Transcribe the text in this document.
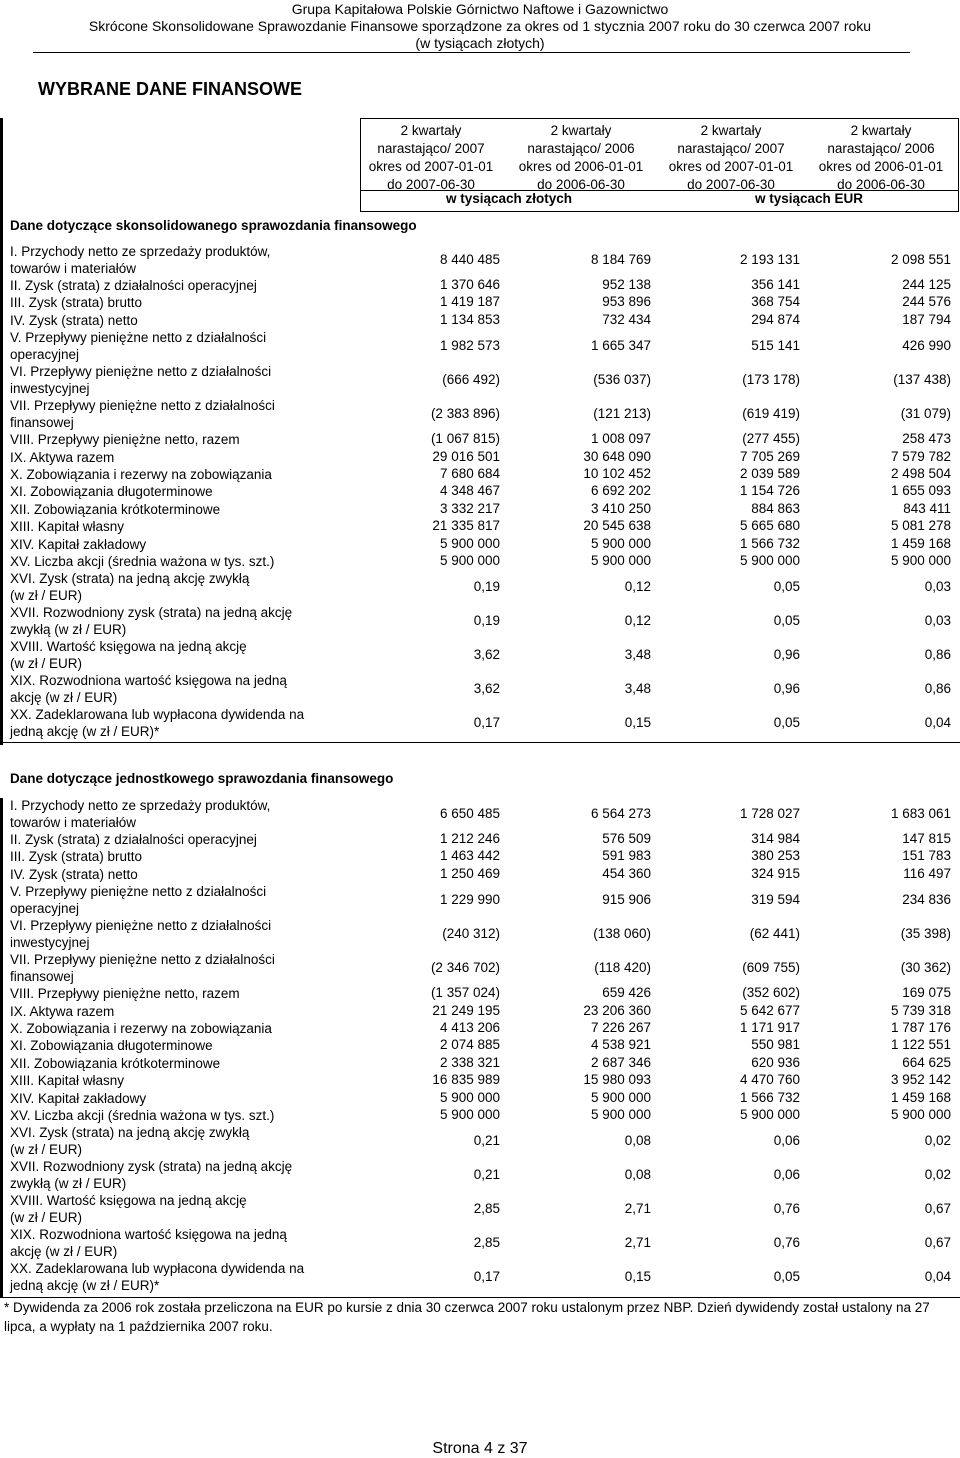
Grupa Kapitałowa Polskie Górnictwo Naftowe i Gazownictwo
Skrócone Skonsolidowane Sprawozdanie Finansowe sporządzone za okres od 1 stycznia 2007 roku do 30 czerwca 2007 roku
(w tysiącach złotych)
WYBRANE DANE FINANSOWE
2 kwartały
narastająco/ 2007
okres od 2007-01-01
do 2007-06-30
2 kwartały
narastająco/ 2006
okres od 2006-01-01
do 2006-06-30
2 kwartały
narastająco/ 2007
okres od 2007-01-01
do 2007-06-30
2 kwartały
narastająco/ 2006
okres od 2006-01-01
do 2006-06-30
w tysiącach złotych	w tysiącach EUR
Dane dotyczące skonsolidowanego sprawozdania finansowego
I. Przychody netto ze sprzedaży produktów,
towarów i materiałów
8 440 485	8 184 769	2 193 131	2 098 551
II. Zysk (strata) z działalności operacyjnej	1 370 646	952 138	356 141	244 125
III. Zysk (strata) brutto	1 419 187	953 896	368 754	244 576
IV. Zysk (strata) netto	1 134 853	732 434	294 874	187 794
V. Przepływy pieniężne netto z działalności
operacyjnej
1 982 573	1 665 347	515 141	426 990
VI. Przepływy pieniężne netto z działalności
inwestycyjnej
(666 492)	(536 037)	(173 178)	(137 438)
VII. Przepływy pieniężne netto z działalności
finansowej
(2 383 896)	(121 213)	(619 419)	(31 079)
VIII. Przepływy pieniężne netto, razem	(1 067 815)	1 008 097	(277 455)	258 473
IX. Aktywa razem	29 016 501	30 648 090	7 705 269	7 579 782
X. Zobowiązania i rezerwy na zobowiązania	7 680 684	10 102 452	2 039 589	2 498 504
XI. Zobowiązania długoterminowe	4 348 467	6 692 202	1 154 726	1 655 093
XII. Zobowiązania krótkoterminowe	3 332 217	3 410 250	884 863	843 411
XIII. Kapitał własny	21 335 817	20 545 638	5 665 680	5 081 278
XIV. Kapitał zakładowy	5 900 000	5 900 000	1 566 732	1 459 168
XV. Liczba akcji (średnia ważona w tys. szt.)	5 900 000	5 900 000	5 900 000	5 900 000
XVI. Zysk (strata) na jedną akcję zwykłą
(w zł / EUR)
0,19	0,12	0,05	0,03
XVII. Rozwodniony zysk (strata) na jedną akcję
zwykłą (w zł / EUR)
0,19	0,12	0,05	0,03
XVIII. Wartość księgowa na jedną akcję
(w zł / EUR)
3,62	3,48	0,96	0,86
XIX. Rozwodniona wartość księgowa na jedną
akcję (w zł / EUR)
3,62	3,48	0,96	0,86
XX. Zadeklarowana lub wypłacona dywidenda na
jedną akcję (w zł / EUR)*
0,17	0,15	0,05	0,04
Dane dotyczące jednostkowego sprawozdania finansowego
I. Przychody netto ze sprzedaży produktów,
towarów i materiałów
6 650 485	6 564 273	1 728 027	1 683 061
II. Zysk (strata) z działalności operacyjnej	1 212 246	576 509	314 984	147 815
III. Zysk (strata) brutto	1 463 442	591 983	380 253	151 783
IV. Zysk (strata) netto	1 250 469	454 360	324 915	116 497
V. Przepływy pieniężne netto z działalności
operacyjnej
1 229 990	915 906	319 594	234 836
VI. Przepływy pieniężne netto z działalności
inwestycyjnej
(240 312)	(138 060)	(62 441)	(35 398)
VII. Przepływy pieniężne netto z działalności
finansowej
(2 346 702)	(118 420)	(609 755)	(30 362)
VIII. Przepływy pieniężne netto, razem	(1 357 024)	659 426	(352 602)	169 075
IX. Aktywa razem	21 249 195	23 206 360	5 642 677	5 739 318
X. Zobowiązania i rezerwy na zobowiązania	4 413 206	7 226 267	1 171 917	1 787 176
XI. Zobowiązania długoterminowe	2 074 885	4 538 921	550 981	1 122 551
XII. Zobowiązania krótkoterminowe	2 338 321	2 687 346	620 936	664 625
XIII. Kapitał własny	16 835 989	15 980 093	4 470 760	3 952 142
XIV. Kapitał zakładowy	5 900 000	5 900 000	1 566 732	1 459 168
XV. Liczba akcji (średnia ważona w tys. szt.)	5 900 000	5 900 000	5 900 000	5 900 000
XVI. Zysk (strata) na jedną akcję zwykłą
(w zł / EUR)
0,21	0,08	0,06	0,02
XVII. Rozwodniony zysk (strata) na jedną akcję
zwykłą (w zł / EUR)
0,21	0,08	0,06	0,02
XVIII. Wartość księgowa na jedną akcję
(w zł / EUR)
2,85	2,71	0,76	0,67
XIX. Rozwodniona wartość księgowa na jedną
akcję (w zł / EUR)
2,85	2,71	0,76	0,67
XX. Zadeklarowana lub wypłacona dywidenda na
jedną akcję (w zł / EUR)*
0,17	0,15	0,05	0,04
* Dywidenda za 2006 rok została przeliczona na EUR po kursie z dnia 30 czerwca 2007 roku ustalonym przez NBP. Dzień dywidendy został ustalony na 27 lipca, a wypłaty na 1 października 2007 roku.
Strona 4 z 37
